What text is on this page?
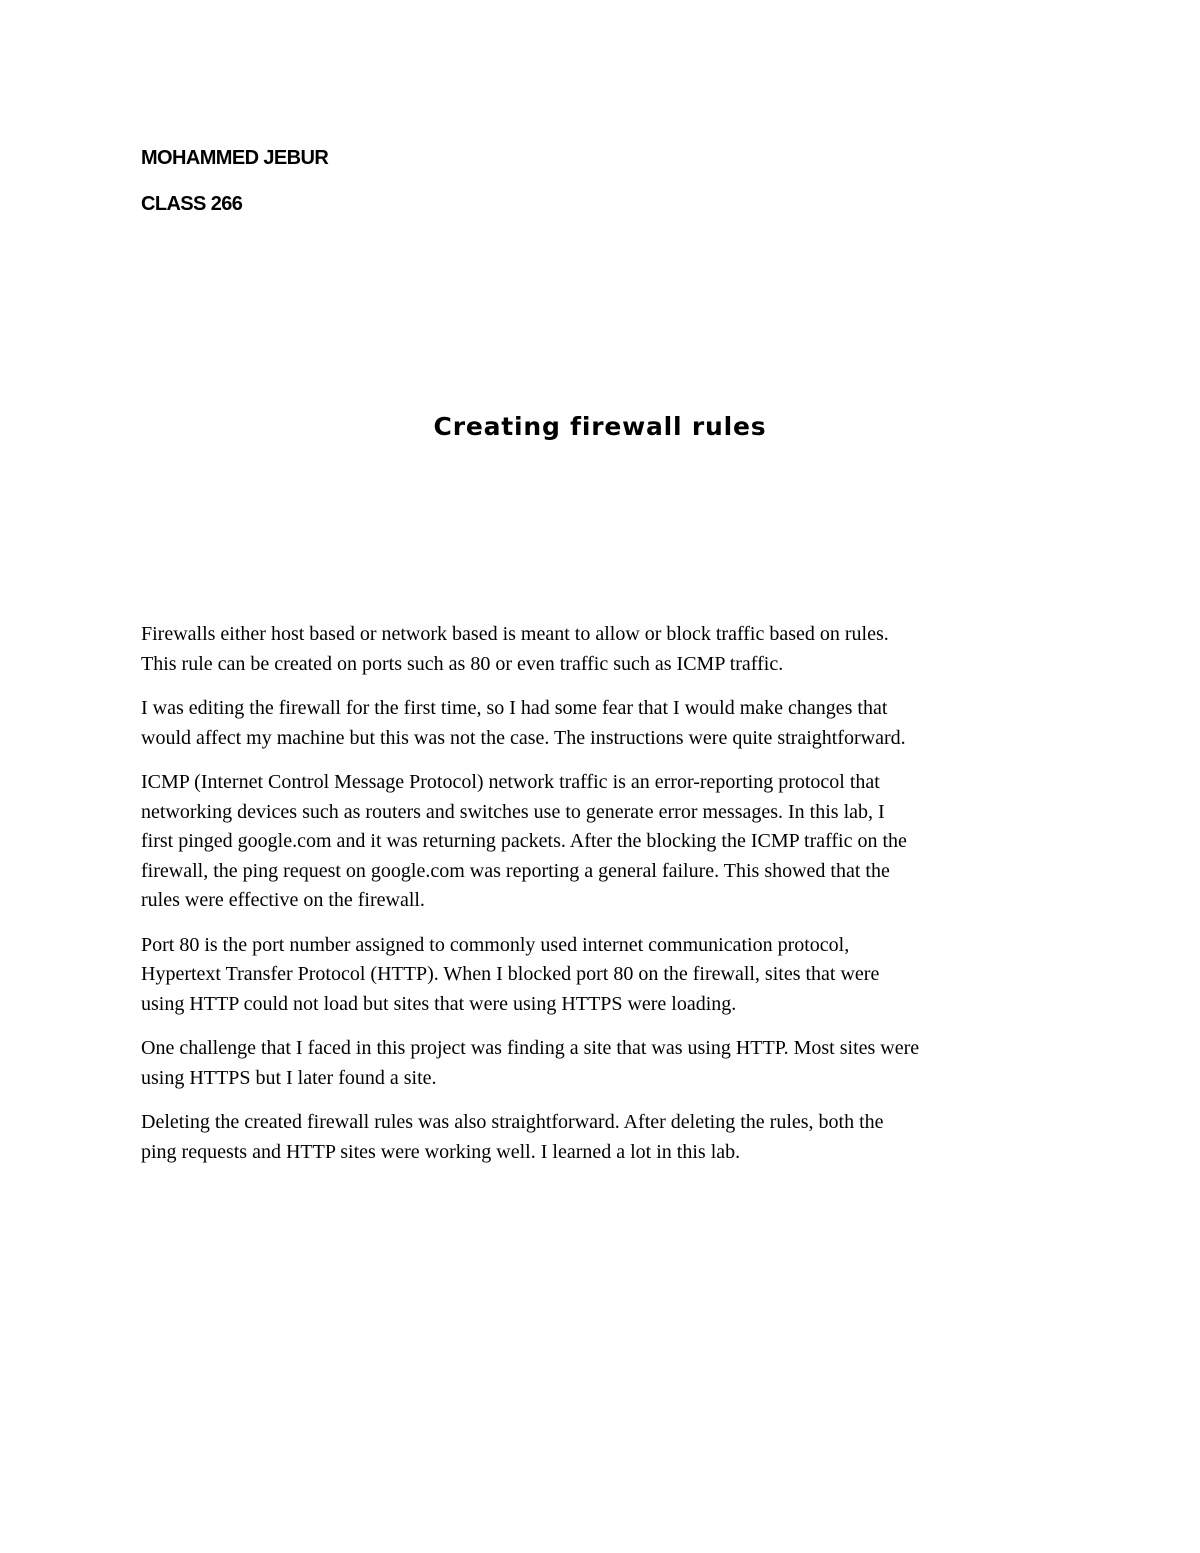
MOHAMMED JEBUR
CLASS 266
Creating firewall rules

Firewalls either host based or network based is meant to allow or block traffic based on rules.
This rule can be created on ports such as 80 or even traffic such as ICMP traffic.

I was editing the firewall for the first time, so I had some fear that I would make changes that
would affect my machine but this was not the case. The instructions were quite straightforward.

ICMP (Internet Control Message Protocol) network traffic is an error-reporting protocol that
networking devices such as routers and switches use to generate error messages. In this lab, I
first pinged google.com and it was returning packets. After the blocking the ICMP traffic on the
firewall, the ping request on google.com was reporting a general failure. This showed that the
rules were effective on the firewall.

Port 80 is the port number assigned to commonly used internet communication protocol,
Hypertext Transfer Protocol (HTTP). When I blocked port 80 on the firewall, sites that were
using HTTP could not load but sites that were using HTTPS were loading.

One challenge that I faced in this project was finding a site that was using HTTP. Most sites were
using HTTPS but I later found a site.

Deleting the created firewall rules was also straightforward. After deleting the rules, both the
ping requests and HTTP sites were working well. I learned a lot in this lab.
